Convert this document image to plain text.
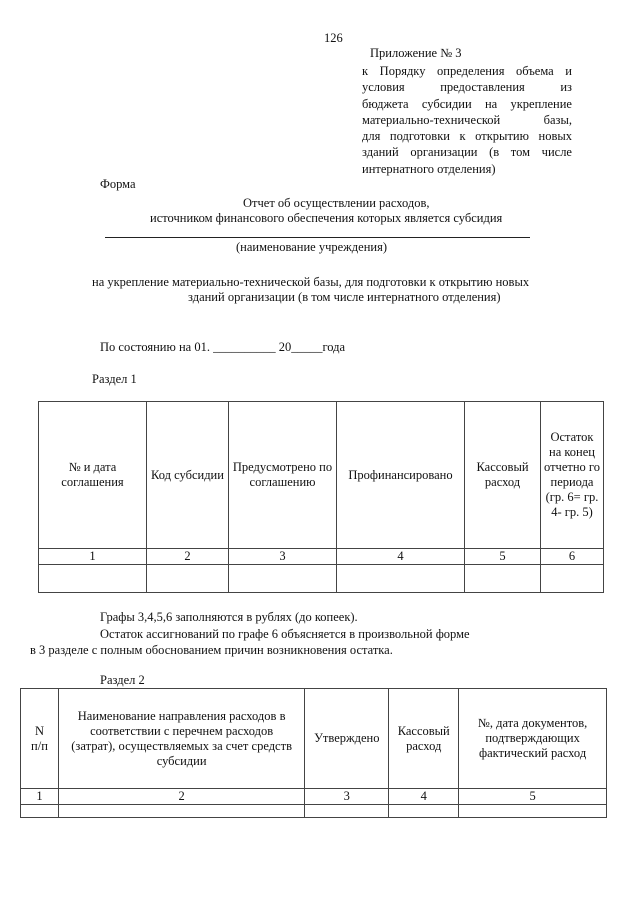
126
Приложение № 3
к Порядку определения объема и
условия предоставления из
бюджета субсидии на укрепление
материально-технической базы,
для подготовки к открытию новых
зданий организации (в том числе
интернатного отделения)
Форма
Отчет об осуществлении расходов,
источником финансового обеспечения которых является субсидия
(наименование учреждения)
на укрепление материально-технической базы, для подготовки к открытию новых
зданий организации (в том числе интернатного отделения)
По состоянию на 01. __________ 20_____года
Раздел 1
№ и дата соглашения	Код субсидии	Предусмотрено по соглашению	Профинансировано	Кассовый расход	Остаток на конец отчетно го периода (гр. 6= гр. 4- гр. 5)
1	2	3	4	5	6

Графы 3,4,5,6 заполняются в рублях (до копеек).
Остаток ассигнований по графе 6 объясняется в произвольной форме
в 3 разделе с полным обоснованием причин возникновения остатка.
Раздел 2
N п/п	Наименование направления расходов в соответствии с перечнем расходов (затрат), осуществляемых за счет средств субсидии	Утверждено	Кассовый расход	№, дата документов, подтверждающих фактический расход
1	2	3	4	5
